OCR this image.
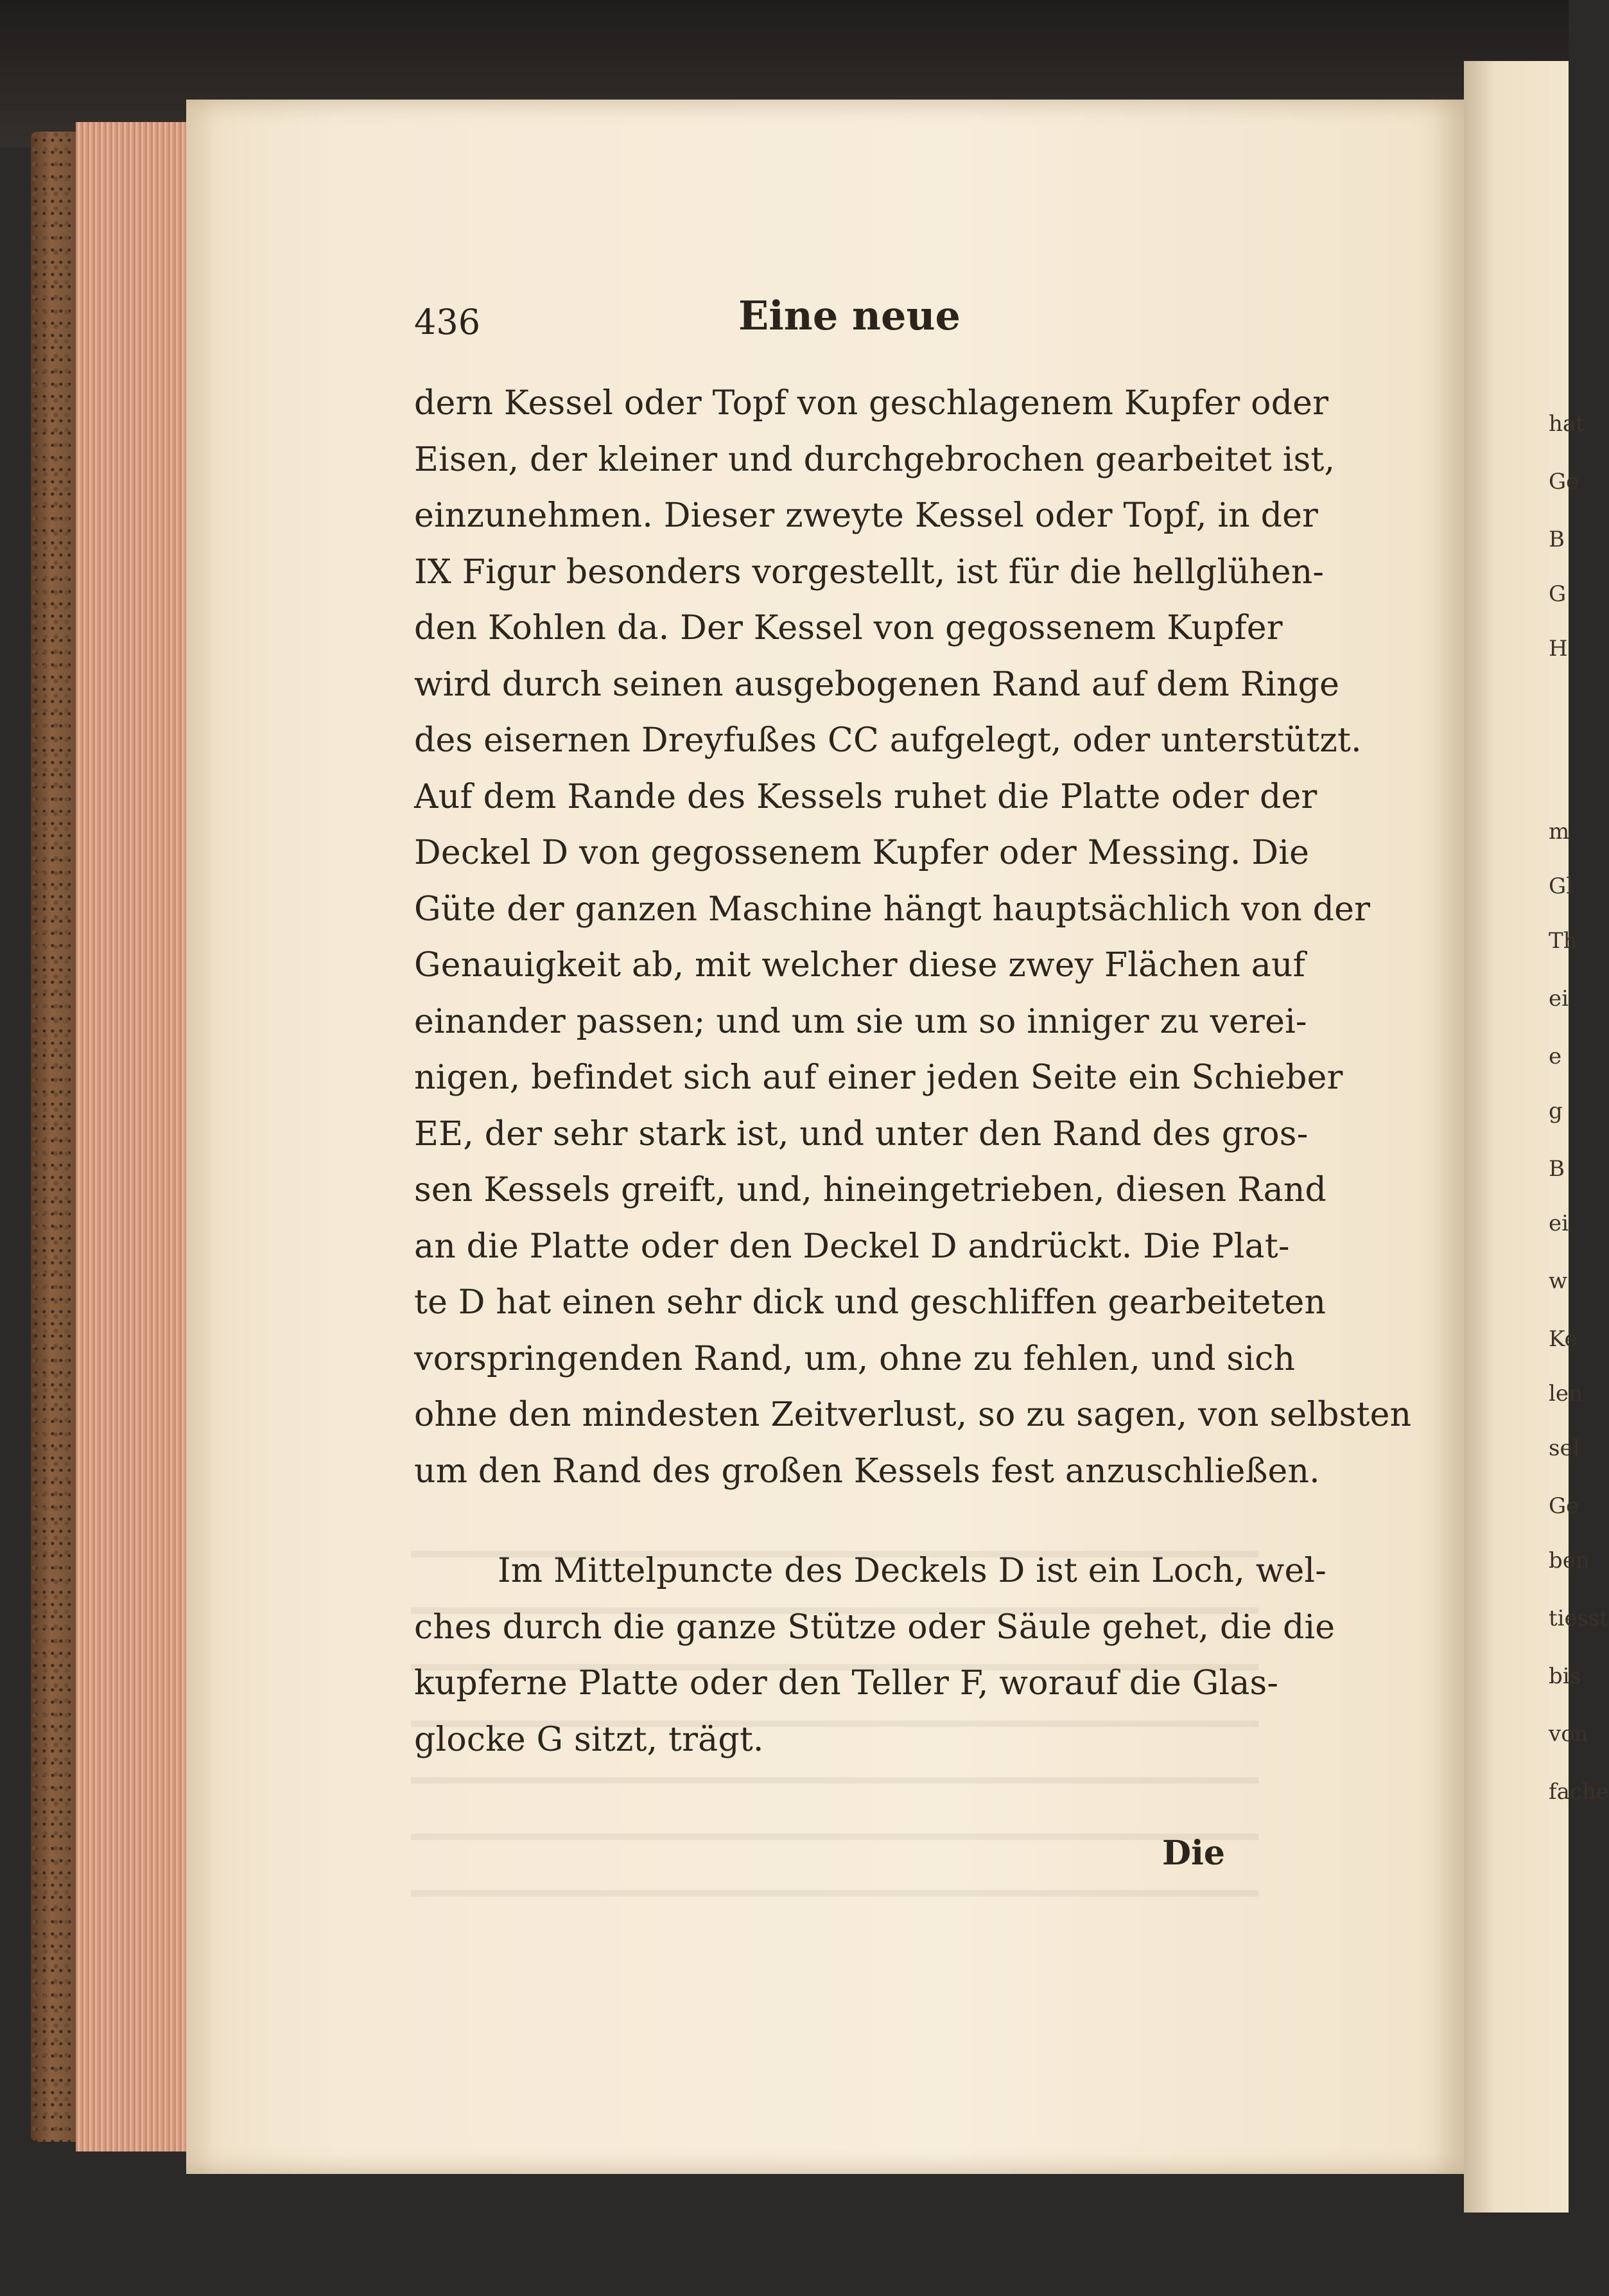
436	Eine neue
dern Kessel oder Topf von geschlagenem Kupfer oder
Eisen, der kleiner und durchgebrochen gearbeitet ist,
einzunehmen. Dieser zweyte Kessel oder Topf, in der
IX Figur besonders vorgestellt, ist für die hellglühen-
den Kohlen da. Der Kessel von gegossenem Kupfer
wird durch seinen ausgebogenen Rand auf dem Ringe
des eisernen Dreyfußes CC aufgelegt, oder unterstützt.
Auf dem Rande des Kessels ruhet die Platte oder der
Deckel D von gegossenem Kupfer oder Messing. Die
Güte der ganzen Maschine hängt hauptsächlich von der
Genauigkeit ab, mit welcher diese zwey Flächen auf
einander passen; und um sie um so inniger zu verei-
nigen, befindet sich auf einer jeden Seite ein Schieber
EE, der sehr stark ist, und unter den Rand des gros-
sen Kessels greift, und, hineingetrieben, diesen Rand
an die Platte oder den Deckel D andrückt. Die Plat-
te D hat einen sehr dick und geschliffen gearbeiteten
vorspringenden Rand, um, ohne zu fehlen, und sich
ohne den mindesten Zeitverlust, so zu sagen, von selbsten
um den Rand des großen Kessels fest anzuschließen.
Im Mittelpuncte des Deckels D ist ein Loch, wel-
ches durch die ganze Stütze oder Säule gehet, die die
kupferne Platte oder den Teller F, worauf die Glas-
glocke G sitzt, trägt.
Die
hat
Ge
B
G
H
m
Gl
Th
ei
e
g
B
ei
w
Ke
len
sel
Ge
ben
tiesst
bis
von
fache
